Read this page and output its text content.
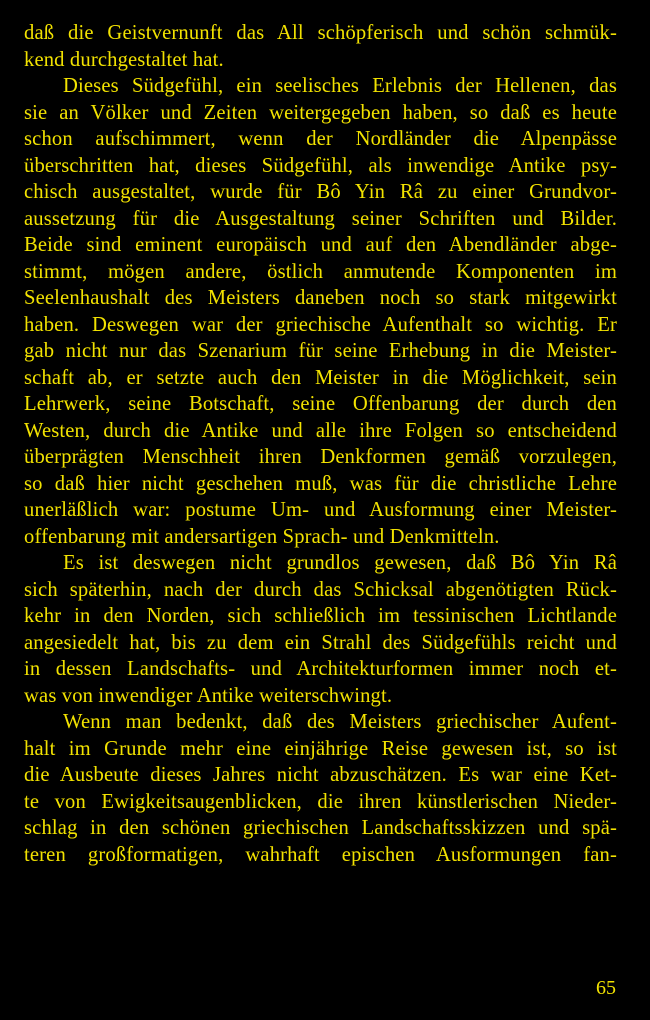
daß die Geistvernunft das All schöpferisch und schön schmük-
kend durchgestaltet hat.
Dieses Südgefühl, ein seelisches Erlebnis der Hellenen, das
sie an Völker und Zeiten weitergegeben haben, so daß es heute
schon aufschimmert, wenn der Nordländer die Alpenpässe
überschritten hat, dieses Südgefühl, als inwendige Antike psy-
chisch ausgestaltet, wurde für Bô Yin Râ zu einer Grundvor-
aussetzung für die Ausgestaltung seiner Schriften und Bilder.
Beide sind eminent europäisch und auf den Abendländer abge-
stimmt, mögen andere, östlich anmutende Komponenten im
Seelenhaushalt des Meisters daneben noch so stark mitgewirkt
haben. Deswegen war der griechische Aufenthalt so wichtig. Er
gab nicht nur das Szenarium für seine Erhebung in die Meister-
schaft ab, er setzte auch den Meister in die Möglichkeit, sein
Lehrwerk, seine Botschaft, seine Offenbarung der durch den
Westen, durch die Antike und alle ihre Folgen so entscheidend
überprägten Menschheit ihren Denkformen gemäß vorzulegen,
so daß hier nicht geschehen muß, was für die christliche Lehre
unerläßlich war: postume Um- und Ausformung einer Meister-
offenbarung mit andersartigen Sprach- und Denkmitteln.
Es ist deswegen nicht grundlos gewesen, daß Bô Yin Râ
sich späterhin, nach der durch das Schicksal abgenötigten Rück-
kehr in den Norden, sich schließlich im tessinischen Lichtlande
angesiedelt hat, bis zu dem ein Strahl des Südgefühls reicht und
in dessen Landschafts- und Architekturformen immer noch et-
was von inwendiger Antike weiterschwingt.
Wenn man bedenkt, daß des Meisters griechischer Aufent-
halt im Grunde mehr eine einjährige Reise gewesen ist, so ist
die Ausbeute dieses Jahres nicht abzuschätzen. Es war eine Ket-
te von Ewigkeitsaugenblicken, die ihren künstlerischen Nieder-
schlag in den schönen griechischen Landschaftsskizzen und spä-
teren großformatigen, wahrhaft epischen Ausformungen fan-
65
